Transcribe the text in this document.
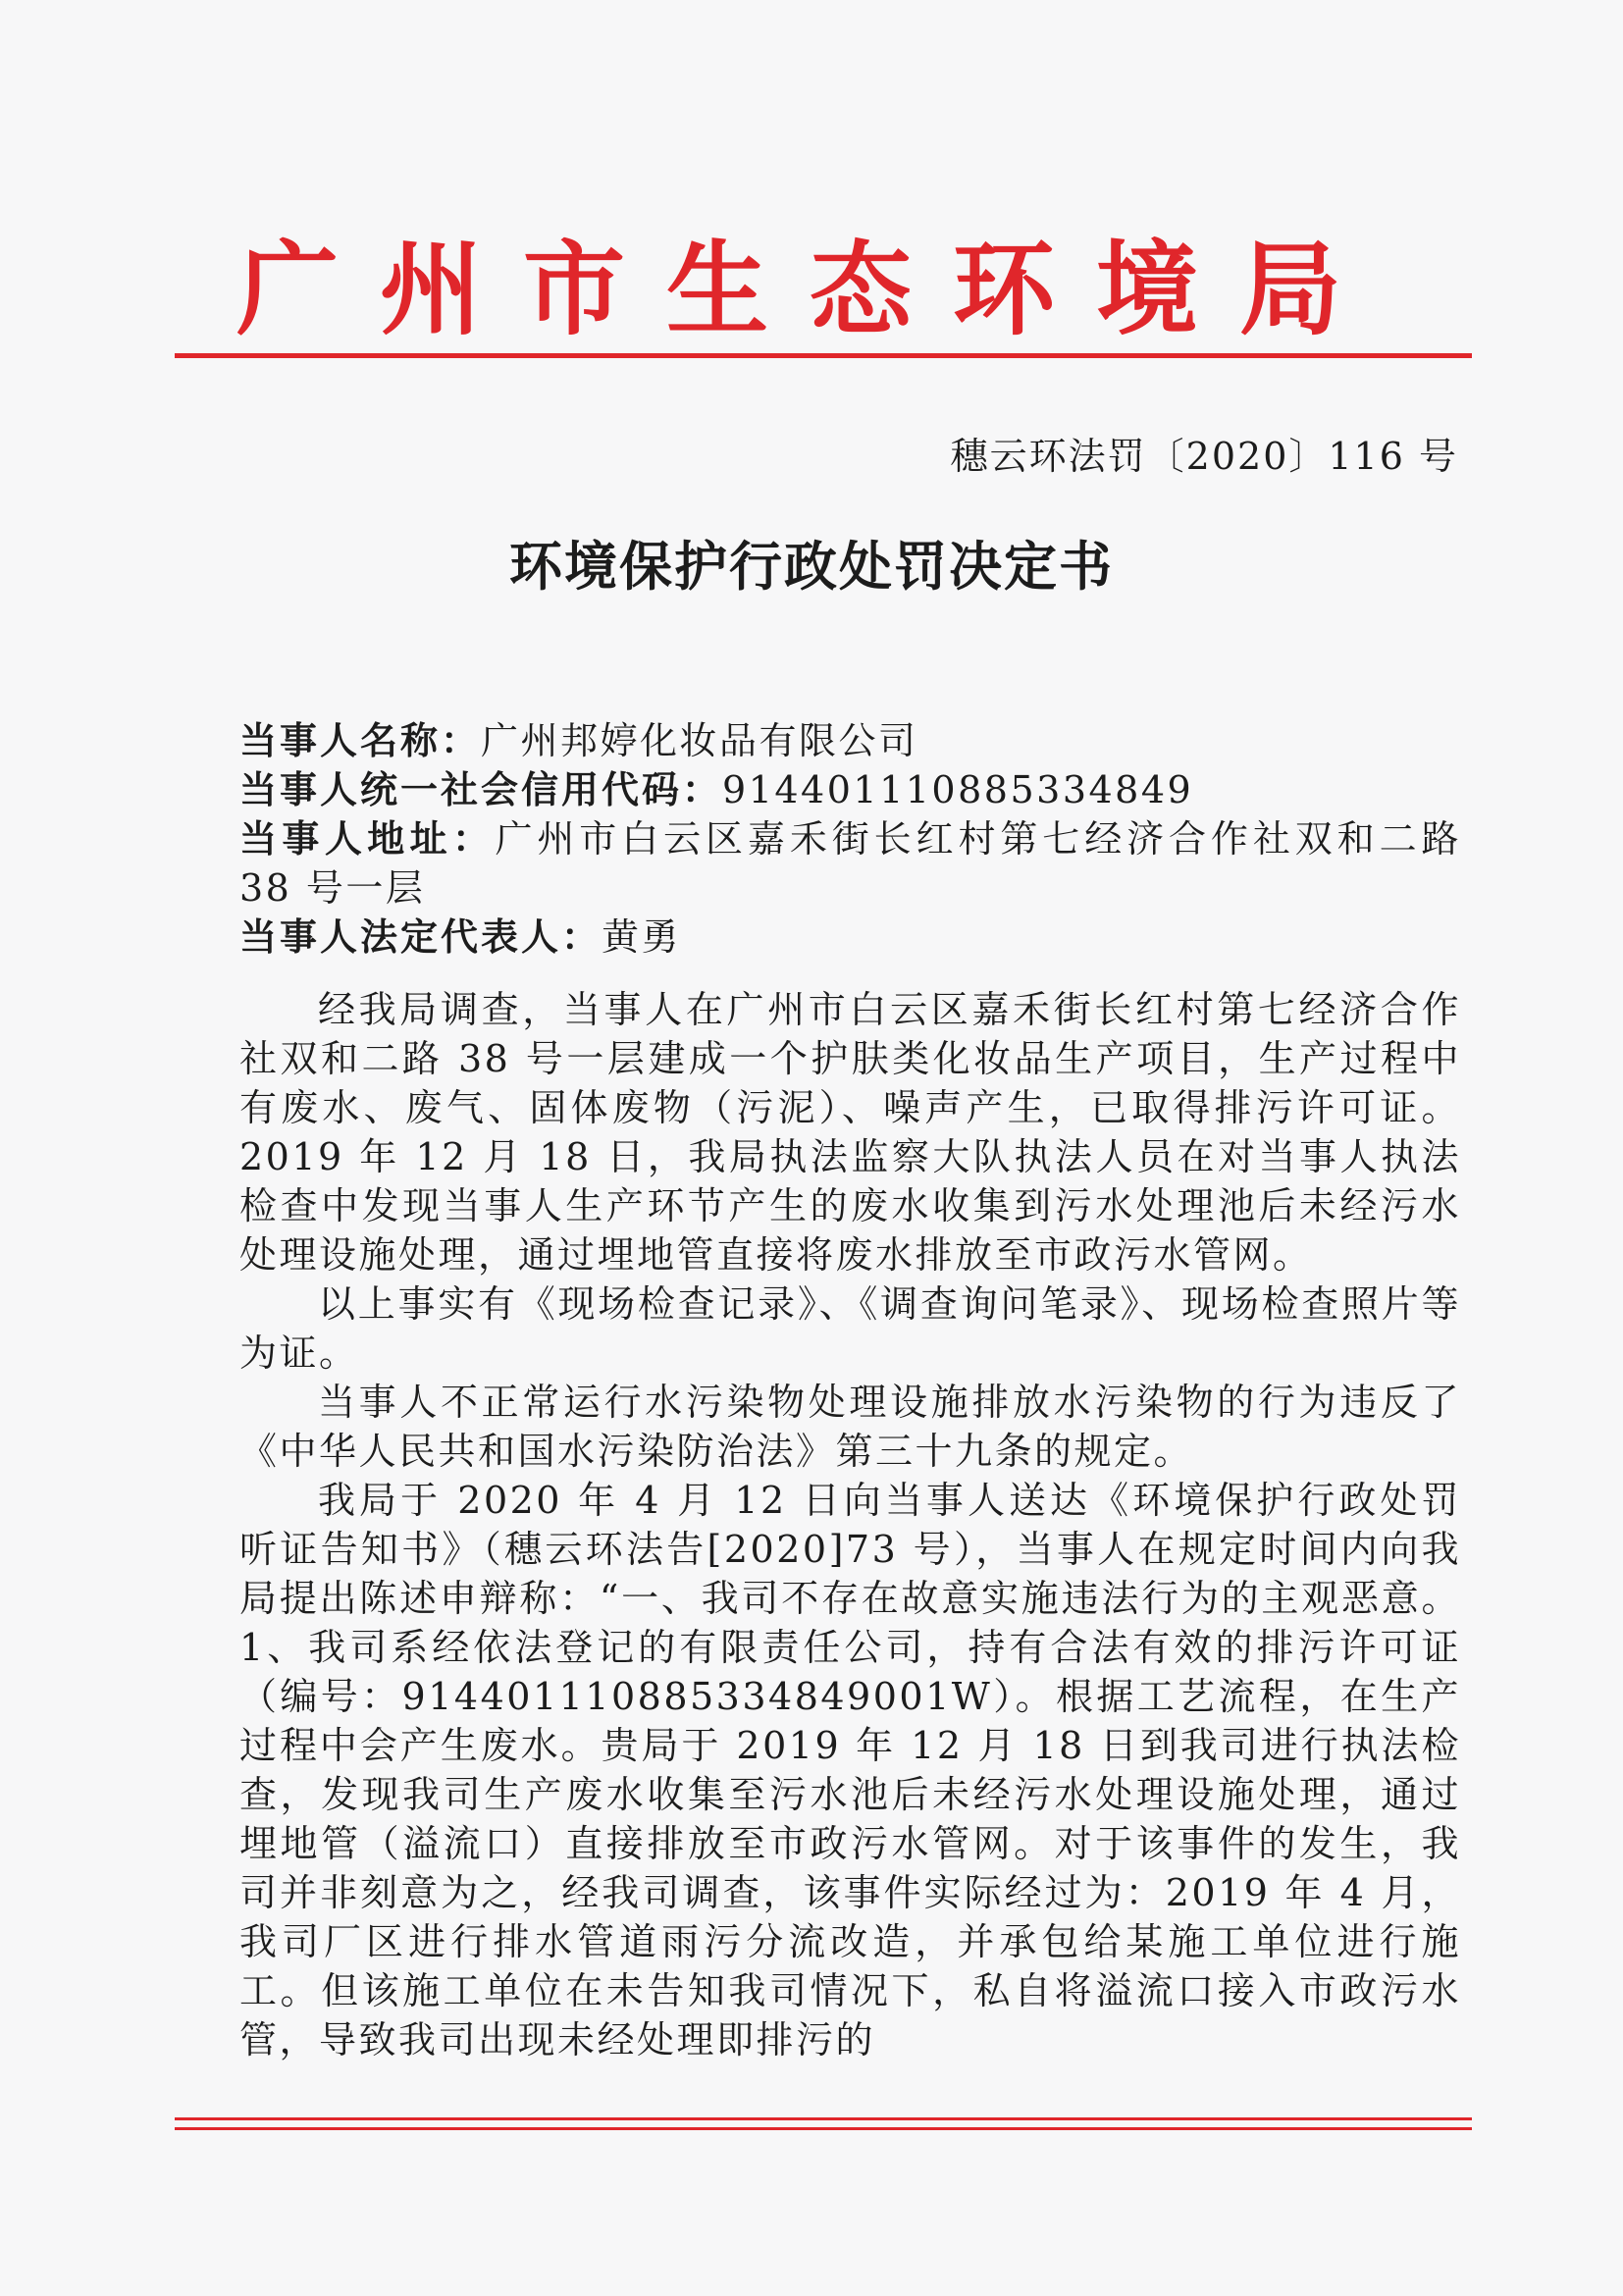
广州市生态环境局
穗云环法罚〔2020〕116 号
环境保护行政处罚决定书

当事人名称：广州邦婷化妆品有限公司

当事人统一社会信用代码：91440111088533484​9

当事人地址：广州市白云区嘉禾街长红村第七经济合作社双和二路 38 号一层

当事人法定代表人：黄勇

经我局调查，当事人在广州市白云区嘉禾街长红村第七经济合作社双和二路 38 号一层建成一个护肤类化妆品生产项目，生产过程中有废水、废气、固体废物（污泥）、噪声产生，已取得排污许可证。2019 年 12 月 18 日，我局执法监察大队执法人员在对当事人执法检查中发现当事人生产环节产生的废水收集到污水处理池后未经污水处理设施处理，通过埋地管直接将废水排放至市政污水管网。

以上事实有《现场检查记录》、《调查询问笔录》、现场检查照片等为证。

当事人不正常运行水污染物处理设施排放水污染物的行为违反了《中华人民共和国水污染防治法》第三十九条的规定。

我局于 2020 年 4 月 12 日向当事人送达《环境保护行政处罚听证告知书》（穗云环法告[2020]73 号），当事人在规定时间内向我局提出陈述申辩称：“一、我司不存在故意实施违法行为的主观恶意。1、我司系经依法登记的有限责任公司，持有合法有效的排污许可证（编号：91440111088533484​9001W）。根据工艺流程，在生产过程中会产生废水。贵局于 2019 年 12 月 18 日到我司进行执法检查，发现我司生产废水收集至污水池后未经污水处理设施处理，通过埋地管（溢流口）直接排放至市政污水管网。对于该事件的发生，我司并非刻意为之，经我司调查，该事件实际经过为：2019 年 4 月，我司厂区进行排水管道雨污分流改造，并承包给某施工单位进行施工。但该施工单位在未告知我司情况下，私自将溢流口接入市政污水管，导致我司出现未经处理即排污的
